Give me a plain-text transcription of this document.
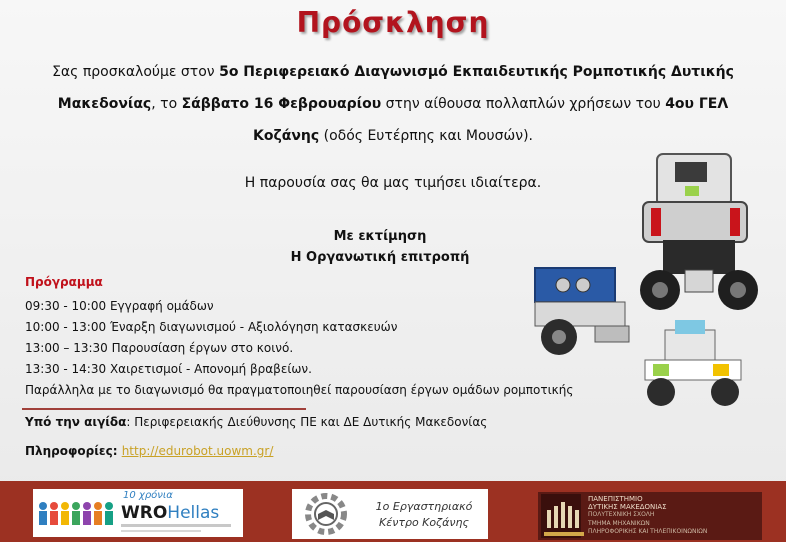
Πρόσκληση
Σας προσκαλούμε στον 5ο Περιφερειακό Διαγωνισμό Εκπαιδευτικής Ρομποτικής Δυτικής Μακεδονίας, το Σάββατο 16 Φεβρουαρίου στην αίθουσα πολλαπλών χρήσεων του 4ου ΓΕΛ Κοζάνης (οδός Ευτέρπης και Μουσών).
Η παρουσία σας θα μας τιμήσει ιδιαίτερα.
Με εκτίμηση
Η Οργανωτική επιτροπή
Πρόγραμμα
09:30 - 10:00 Εγγραφή ομάδων
10:00 - 13:00 Έναρξη διαγωνισμού - Αξιολόγηση κατασκευών
13:00 – 13:30 Παρουσίαση έργων στο κοινό.
13:30 - 14:30 Χαιρετισμοί - Απονομή βραβείων.
Παράλληλα με το διαγωνισμό θα πραγματοποιηθεί παρουσίαση έργων ομάδων ρομποτικής
Υπό την αιγίδα: Περιφερειακής Διεύθυνσης ΠΕ και ΔΕ Δυτικής Μακεδονίας
Πληροφορίες: http://edurobot.uowm.gr/
10 χρόνια
WROHellas	1ο Εργαστηριακό
Κέντρο Κοζάνης
ΠΑΝΕΠΙΣΤΗΜΙΟ
ΔΥΤΙΚΗΣ ΜΑΚΕΔΟΝΙΑΣ
ΠΟΛΥΤΕΧΝΙΚΗ ΣΧΟΛΗ
ΤΜΗΜΑ ΜΗΧΑΝΙΚΩΝ
ΠΛΗΡΟΦΟΡΙΚΗΣ ΚΑΙ ΤΗΛΕΠΙΚΟΙΝΩΝΙΩΝ
